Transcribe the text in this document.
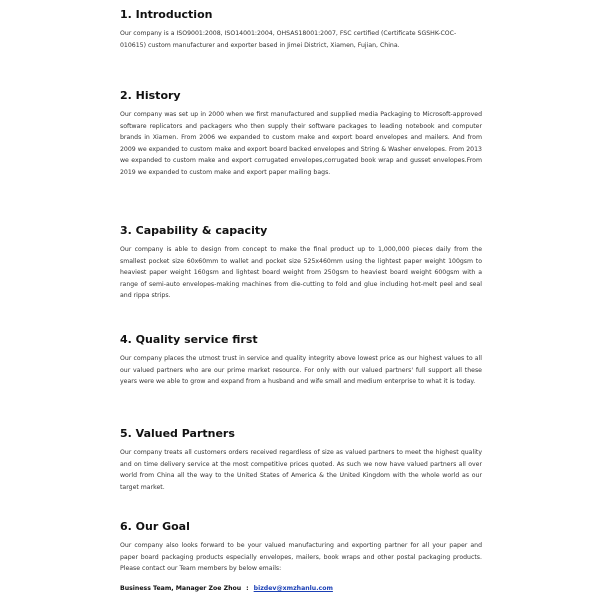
1. Introduction

Our company is a ISO9001:2008, ISO14001:2004, OHSAS18001:2007, FSC certified (Certificate SGSHK-COC-010615) custom manufacturer and exporter based in Jimei District, Xiamen, Fujian, China.

2. History

Our company was set up in 2000 when we first manufactured and supplied media Packaging to Microsoft-approved software replicators and packagers who then supply their software packages to leading notebook and computer brands in Xiamen. From 2006 we expanded to custom make and export board envelopes and mailers. And from 2009 we expanded to custom make and export board backed envelopes and String & Washer envelopes. From 2013 we expanded to custom make and export corrugated envelopes,corrugated book wrap and gusset envelopes.From 2019 we expanded to custom make and export paper mailing bags.

3. Capability & capacity

Our company is able to design from concept to make the final product up to 1,000,000 pieces daily from the smallest pocket size 60x60mm to wallet and pocket size 525x460mm using the lightest paper weight 100gsm to heaviest paper weight 160gsm and lightest board weight from 250gsm to heaviest board weight 600gsm with a range of semi-auto envelopes-making machines from die-cutting to fold and glue including hot-melt peel and seal and rippa strips.

4. Quality service first

Our company places the utmost trust in service and quality integrity above lowest price as our highest values to all our valued partners who are our prime market resource. For only with our valued partners' full support all these years were we able to grow and expand from a husband and wife small and medium enterprise to what it is today.

5. Valued Partners

Our company treats all customers orders received regardless of size as valued partners to meet the highest quality and on time delivery service at the most competitive prices quoted. As such we now have valued partners all over world from China all the way to the United States of America & the United Kingdom with the whole world as our target market.

6. Our Goal

Our company also looks forward to be your valued manufacturing and exporting partner for all your paper and paper board packaging products especially envelopes, mailers, book wraps and other postal packaging products. Please contact our Team members by below emails:

Business Team, Manager Zoe Zhou : bizdev@xmzhanlu.com
